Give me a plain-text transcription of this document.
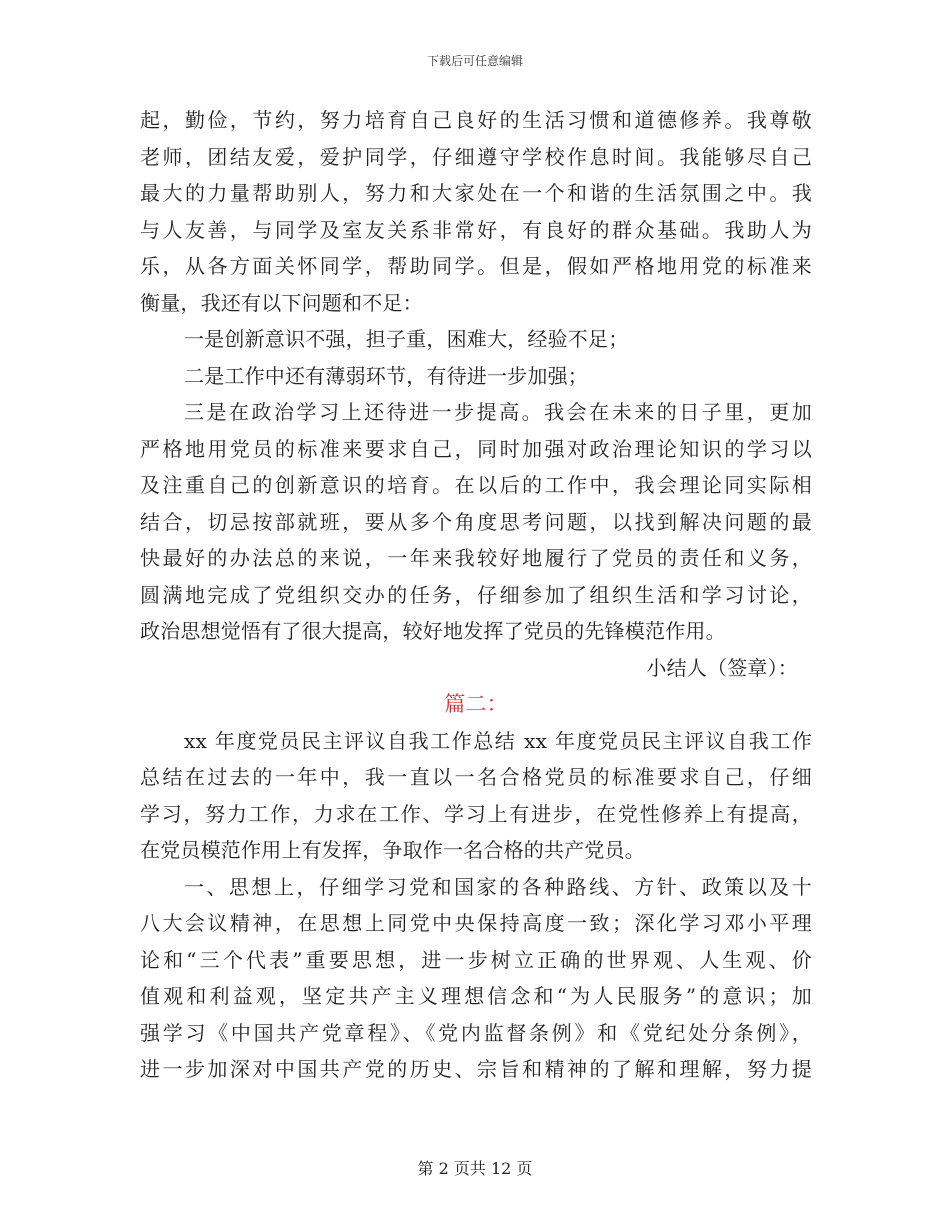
下载后可任意编辑
起，勤俭，节约，努力培育自己良好的生活习惯和道德修养。我尊敬
老师，团结友爱，爱护同学，仔细遵守学校作息时间。我能够尽自己
最大的力量帮助别人，努力和大家处在一个和谐的生活氛围之中。我
与人友善，与同学及室友关系非常好，有良好的群众基础。我助人为
乐，从各方面关怀同学，帮助同学。但是，假如严格地用党的标准来
衡量，我还有以下问题和不足：
一是创新意识不强，担子重，困难大，经验不足；
二是工作中还有薄弱环节，有待进一步加强；
三是在政治学习上还待进一步提高。我会在未来的日子里，更加
严格地用党员的标准来要求自己，同时加强对政治理论知识的学习以
及注重自己的创新意识的培育。在以后的工作中，我会理论同实际相
结合，切忌按部就班，要从多个角度思考问题，以找到解决问题的最
快最好的办法总的来说，一年来我较好地履行了党员的责任和义务，
圆满地完成了党组织交办的任务，仔细参加了组织生活和学习讨论，
政治思想觉悟有了很大提高，较好地发挥了党员的先锋模范作用。
小结人（签章）：
篇二：
xx 年度党员民主评议自我工作总结 xx 年度党员民主评议自我工作
总结在过去的一年中，我一直以一名合格党员的标准要求自己，仔细
学习，努力工作，力求在工作、学习上有进步，在党性修养上有提高，
在党员模范作用上有发挥，争取作一名合格的共产党员。
一、思想上，仔细学习党和国家的各种路线、方针、政策以及十
八大会议精神，在思想上同党中央保持高度一致；深化学习邓小平理
论和“三个代表”重要思想，进一步树立正确的世界观、人生观、价
值观和利益观，坚定共产主义理想信念和“为人民服务”的意识；加
强学习《中国共产党章程》、《党内监督条例》和《党纪处分条例》，
进一步加深对中国共产党的历史、宗旨和精神的了解和理解，努力提
第 2 页共 12 页
